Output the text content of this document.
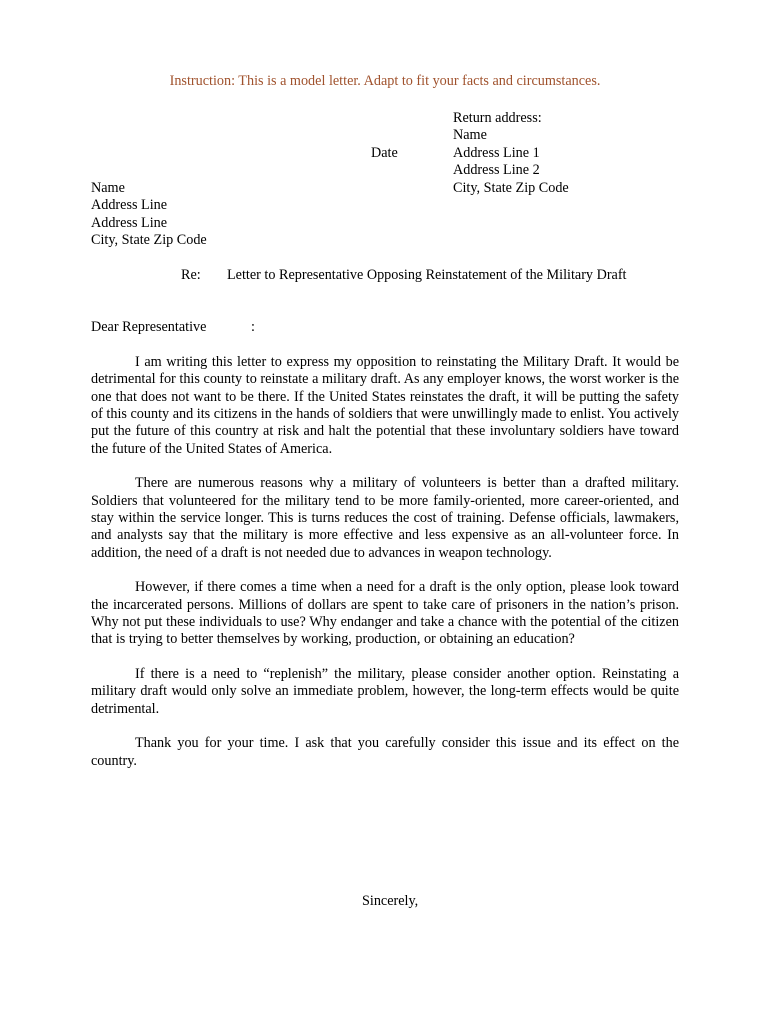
Instruction: This is a model letter. Adapt to fit your facts and circumstances.
Return address:
Name
Address Line 1
Address Line 2
City, State Zip Code
Date
Name
Address Line
Address Line
City, State Zip Code
Re: Letter to Representative Opposing Reinstatement of the Military Draft
Dear Representative	:

I am writing this letter to express my opposition to reinstating the Military Draft. It would be detrimental for this county to reinstate a military draft. As any employer knows, the worst worker is the one that does not want to be there. If the United States reinstates the draft, it will be putting the safety of this county and its citizens in the hands of soldiers that were unwillingly made to enlist. You actively put the future of this country at risk and halt the potential that these involuntary soldiers have toward the future of the United States of America.

There are numerous reasons why a military of volunteers is better than a drafted military. Soldiers that volunteered for the military tend to be more family-oriented, more career-oriented, and stay within the service longer. This is turns reduces the cost of training. Defense officials, lawmakers, and analysts say that the military is more effective and less expensive as an all-volunteer force. In addition, the need of a draft is not needed due to advances in weapon technology.

However, if there comes a time when a need for a draft is the only option, please look toward the incarcerated persons. Millions of dollars are spent to take care of prisoners in the nation’s prison. Why not put these individuals to use? Why endanger and take a chance with the potential of the citizen that is trying to better themselves by working, production, or obtaining an education?

If there is a need to “replenish” the military, please consider another option. Reinstating a military draft would only solve an immediate problem, however, the long-term effects would be quite detrimental.

Thank you for your time. I ask that you carefully consider this issue and its effect on the country.

Sincerely,
